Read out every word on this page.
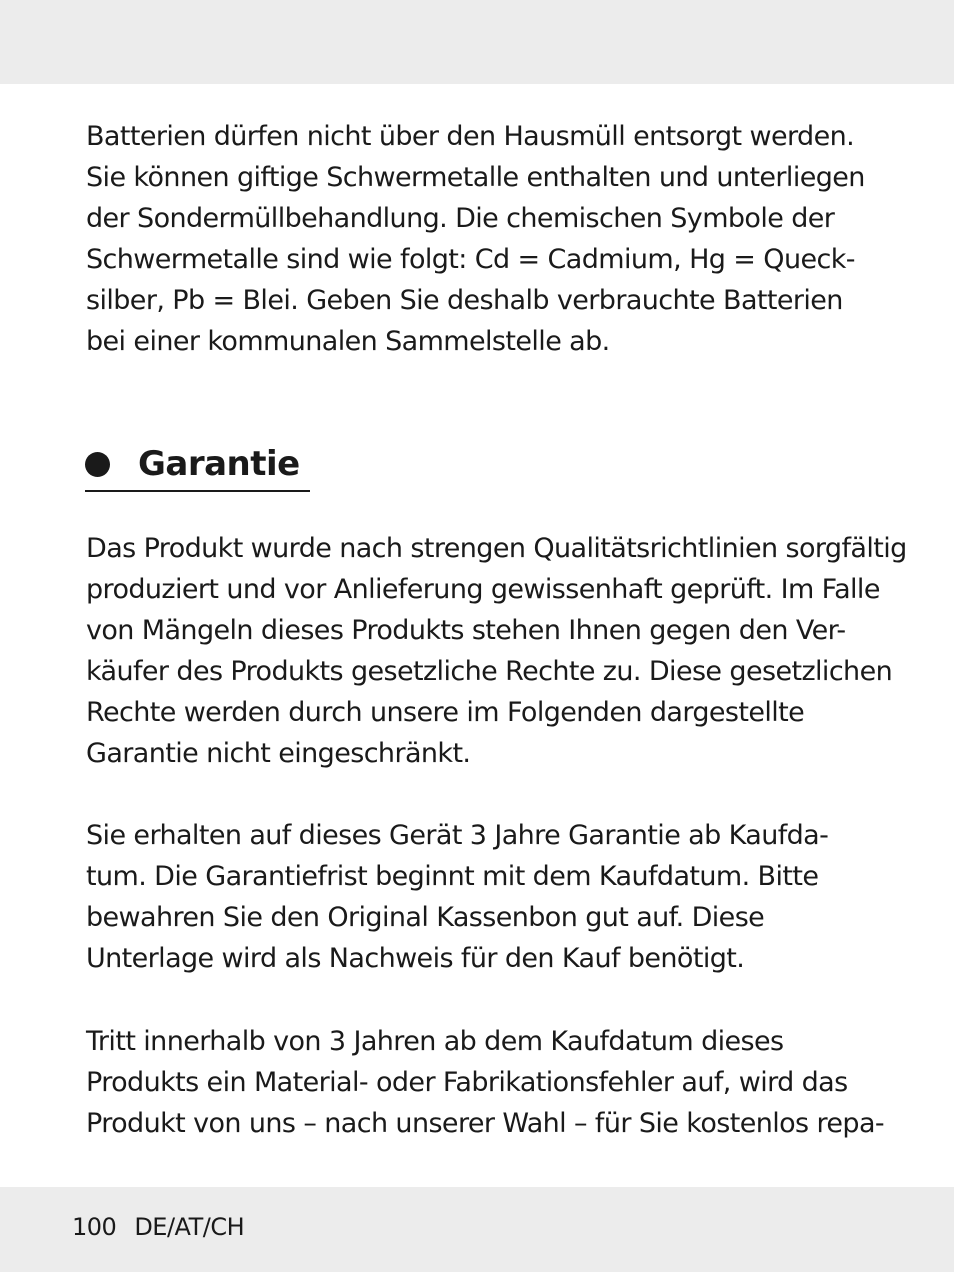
Batterien dürfen nicht über den Hausmüll entsorgt werden.
Sie können giftige Schwermetalle enthalten und unterliegen
der Sondermüllbehandlung. Die chemischen Symbole der
Schwermetalle sind wie folgt: Cd = Cadmium, Hg = Queck-
silber, Pb = Blei. Geben Sie deshalb verbrauchte Batterien
bei einer kommunalen Sammelstelle ab.
Garantie
Das Produkt wurde nach strengen Qualitätsrichtlinien sorgfältig
produziert und vor Anlieferung gewissenhaft geprüft. Im Falle
von Mängeln dieses Produkts stehen Ihnen gegen den Ver-
käufer des Produkts gesetzliche Rechte zu. Diese gesetzlichen
Rechte werden durch unsere im Folgenden dargestellte
Garantie nicht eingeschränkt.
Sie erhalten auf dieses Gerät 3 Jahre Garantie ab Kaufda-
tum. Die Garantiefrist beginnt mit dem Kaufdatum. Bitte
bewahren Sie den Original Kassenbon gut auf. Diese
Unterlage wird als Nachweis für den Kauf benötigt.
Tritt innerhalb von 3 Jahren ab dem Kaufdatum dieses
Produkts ein Material- oder Fabrikationsfehler auf, wird das
Produkt von uns – nach unserer Wahl – für Sie kostenlos repa-
100 DE/AT/CH
